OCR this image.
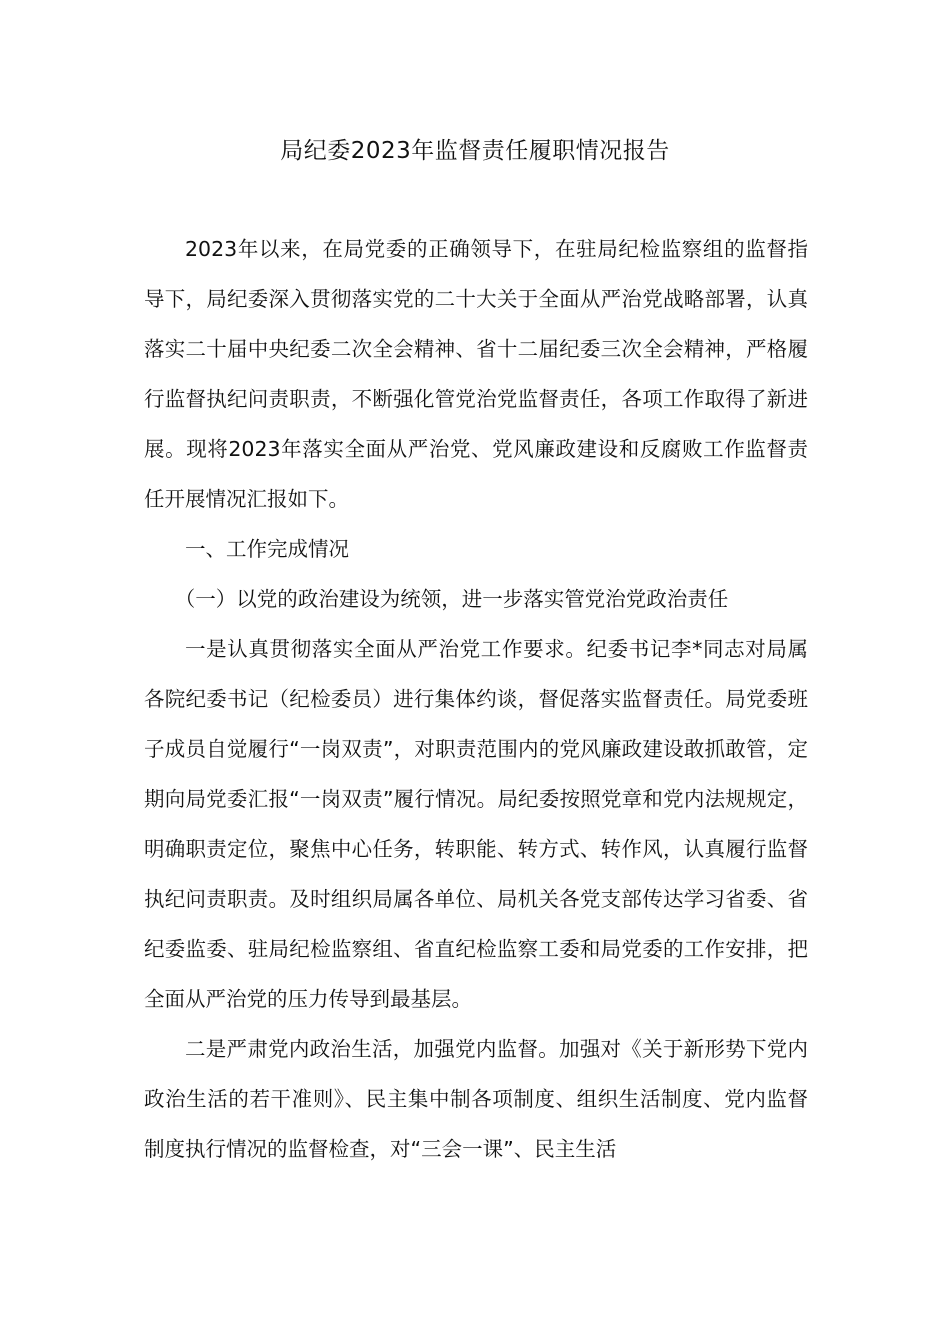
局纪委2023年监督责任履职情况报告

2023年以来，在局党委的正确领导下，在驻局纪检监察组的监督指导下，局纪委深入贯彻落实党的二十大关于全面从严治党战略部署，认真落实二十届中央纪委二次全会精神、省十二届纪委三次全会精神，严格履行监督执纪问责职责，不断强化管党治党监督责任，各项工作取得了新进展。现将2023年落实全面从严治党、党风廉政建设和反腐败工作监督责任开展情况汇报如下。

一、工作完成情况

（一）以党的政治建设为统领，进一步落实管党治党政治责任

一是认真贯彻落实全面从严治党工作要求。纪委书记李*同志对局属各院纪委书记（纪检委员）进行集体约谈，督促落实监督责任。局党委班子成员自觉履行“一岗双责”，对职责范围内的党风廉政建设敢抓敢管，定期向局党委汇报“一岗双责”履行情况。局纪委按照党章和党内法规规定，明确职责定位，聚焦中心任务，转职能、转方式、转作风，认真履行监督执纪问责职责。及时组织局属各单位、局机关各党支部传达学习省委、省纪委监委、驻局纪检监察组、省直纪检监察工委和局党委的工作安排，把全面从严治党的压力传导到最基层。

二是严肃党内政治生活，加强党内监督。加强对《关于新形势下党内政治生活的若干准则》、民主集中制各项制度、组织生活制度、党内监督制度执行情况的监督检查，对“三会一课”、民主生活
